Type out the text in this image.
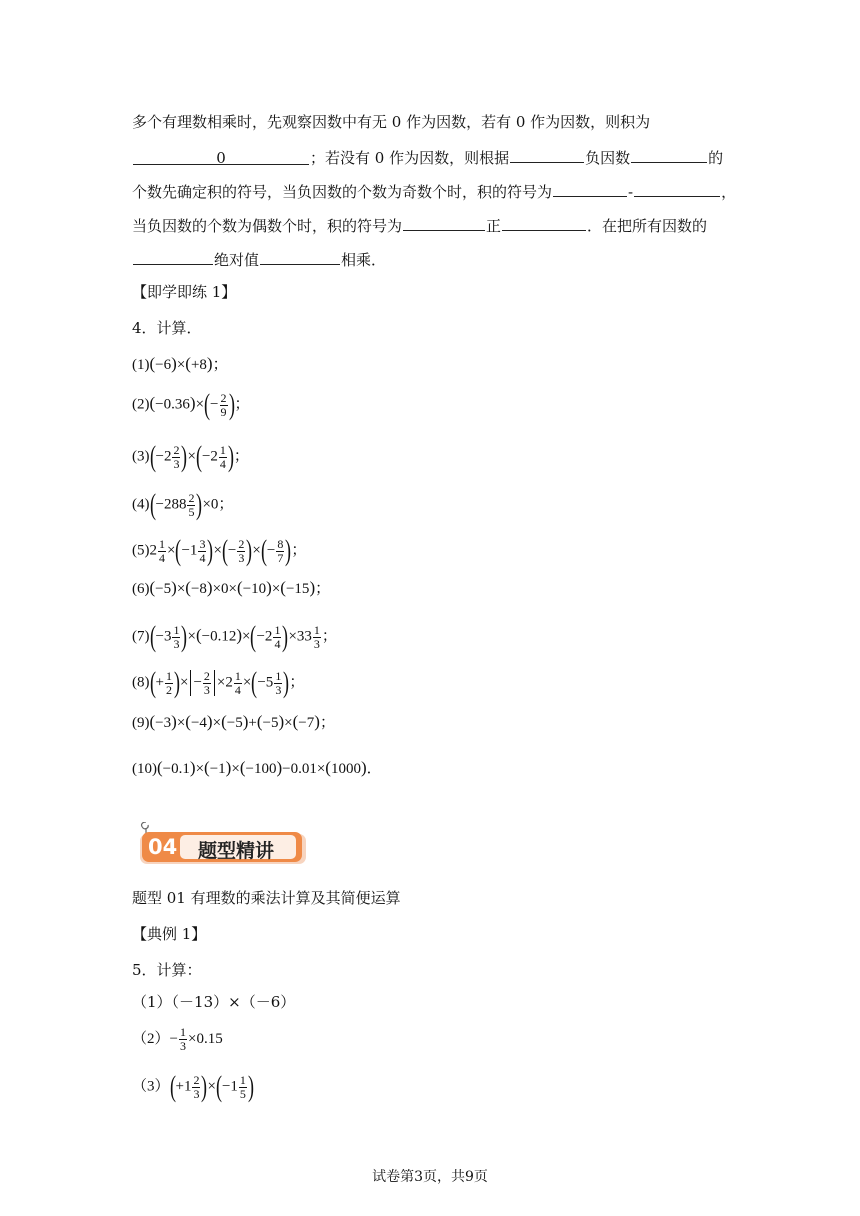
多个有理数相乘时，先观察因数中有无 0 作为因数，若有 0 作为因数，则积为
0	；若没有 0 作为因数，则根据	负因数	的
个数先确定积的符号，当负因数的个数为奇数个时，积的符号为	-	，
当负因数的个数为偶数个时，积的符号为	正	．在把所有因数的
绝对值	相乘．
【即学即练 1】
4．计算．
(1)(−6)×(+8)；
$(2)(-0.36)\times(- \frac{2}{9}$ )；
$(3)(-2 \frac{2}{3} )\times(-2 \frac{1}{4}$ )；
$(4)(-288 \frac{2}{5} )\times 0$；
$(5)2 \frac{1}{4} \times(-1 \frac{3}{4}$ )×(− $\frac{2}{3}$ )×(− $\frac{8}{7}$ )；
(6)(−5)×(−8)×0×(−10)×(−15)；
$(7)(-3 \frac{1}{3} )\times(-0.12)\times(-2 \frac{1}{4} )\times 33 \frac{1}{3}$ ；
$(8)(+ \frac{1}{2}$ )× − $\frac{2}{3} \times 2 \frac{1}{4} \times(-5 \frac{1}{3}$ )；
(9)(−3)×(−4)×(−5)+(−5)×(−7)；
(10)(−0.1)×(−1)×(−100)−0.01×(1000)．
04 题型精讲
题型 01 有理数的乘法计算及其简便运算
【典例 1】
5．计算：
（1）（－13）×（－6）
$(2)- \frac{1}{3} \times 0.15$
$(3)(+1 \frac{2}{3} )\times(-1 \frac{1}{5}$ )
试卷第3页，共9页
